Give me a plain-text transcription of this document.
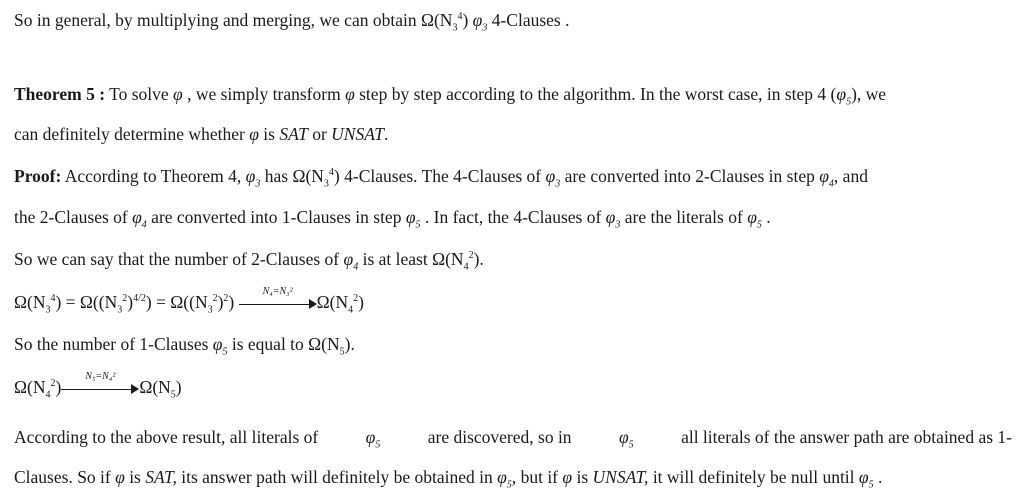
So in general, by multiplying and merging, we can obtain $\Omega(N_3^4)$ $\varphi_3$ 4-Clauses .
Theorem 5 : To solve φ , we simply transform φ step by step according to the algorithm. In the worst case, in step 4 $(\varphi_5)$, we
can definitely determine whether φ is SAT or UNSAT.
Proof: According to Theorem 4, $\varphi_3$ has $\Omega(N_3^4)$ 4-Clauses. The 4-Clauses of $\varphi_3$ are converted into 2-Clauses in step $\varphi_4$, and
the 2-Clauses of $\varphi_4$ are converted into 1-Clauses in step $\varphi_5$ . In fact, the 4-Clauses of $\varphi_3$ are the literals of $\varphi_5$ .
So we can say that the number of 2-Clauses of $\varphi_4$ is at least $\Omega(N_4^2)$.
$\Omega(N_3^4) = \Omega((N_3^2)^{4/2}) = \Omega((N_3^2)^2)$
N₄=N₃²
$\Omega(N_4^2)$
So the number of 1-Clauses $\varphi_5$ is equal to $\Omega(N_5)$.
$\Omega(N_4^2)$
N₅=N₄²
$\Omega(N_5)$
According to the above result, all literals of	$\varphi_5$	are discovered, so in	$\varphi_5$	all literals of the answer path are obtained as 1-
Clauses. So if φ is SAT, its answer path will definitely be obtained in $\varphi_5$, but if φ is UNSAT, it will definitely be null until $\varphi_5$ .
